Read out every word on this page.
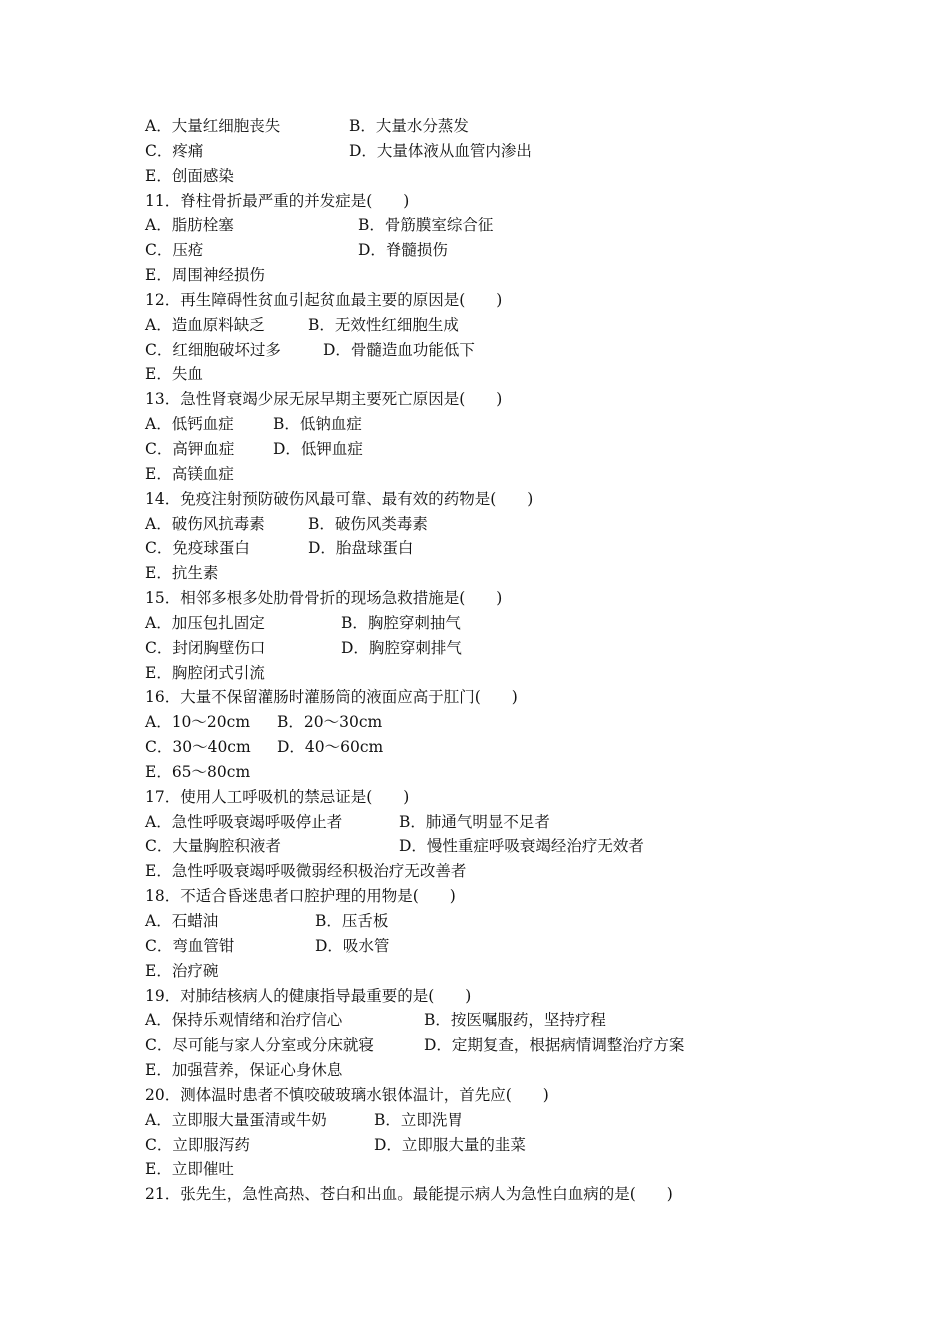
A．大量红细胞丧失	B．大量水分蒸发
C．疼痛	D．大量体液从血管内渗出
E．创面感染
11．脊柱骨折最严重的并发症是(　　)
A．脂肪栓塞	B．骨筋膜室综合征
C．压疮	D．脊髓损伤
E．周围神经损伤
12．再生障碍性贫血引起贫血最主要的原因是(　　)
A．造血原料缺乏	B．无效性红细胞生成
C．红细胞破坏过多	D．骨髓造血功能低下
E．失血
13．急性肾衰竭少尿无尿早期主要死亡原因是(　　)
A．低钙血症	B．低钠血症
C．高钾血症 D．低钾血症
E．高镁血症
14．免疫注射预防破伤风最可靠、最有效的药物是(　　)
A．破伤风抗毒素	B．破伤风类毒素
C．免疫球蛋白	D．胎盘球蛋白
E．抗生素
15．相邻多根多处肋骨骨折的现场急救措施是(　　)
A．加压包扎固定	B．胸腔穿刺抽气
C．封闭胸壁伤口	D．胸腔穿刺排气
E．胸腔闭式引流
16．大量不保留灌肠时灌肠筒的液面应高于肛门(　　)
A．10～20cm B．20～30cm
C．30～40cm D．40～60cm
E．65～80cm
17．使用人工呼吸机的禁忌证是(　　)
A．急性呼吸衰竭呼吸停止者	B．肺通气明显不足者
C．大量胸腔积液者	D．慢性重症呼吸衰竭经治疗无效者
E．急性呼吸衰竭呼吸微弱经积极治疗无改善者
18．不适合昏迷患者口腔护理的用物是(　　)
A．石蜡油	B．压舌板
C．弯血管钳	D．吸水管
E．治疗碗
19．对肺结核病人的健康指导最重要的是(　　)
A．保持乐观情绪和治疗信心	B．按医嘱服药，坚持疗程
C．尽可能与家人分室或分床就寝	D．定期复查，根据病情调整治疗方案
E．加强营养，保证心身休息
20．测体温时患者不慎咬破玻璃水银体温计，首先应(　　)
A．立即服大量蛋清或牛奶	B．立即洗胃
C．立即服泻药	D．立即服大量的韭菜
E．立即催吐
21．张先生，急性高热、苍白和出血。最能提示病人为急性白血病的是(　　)
